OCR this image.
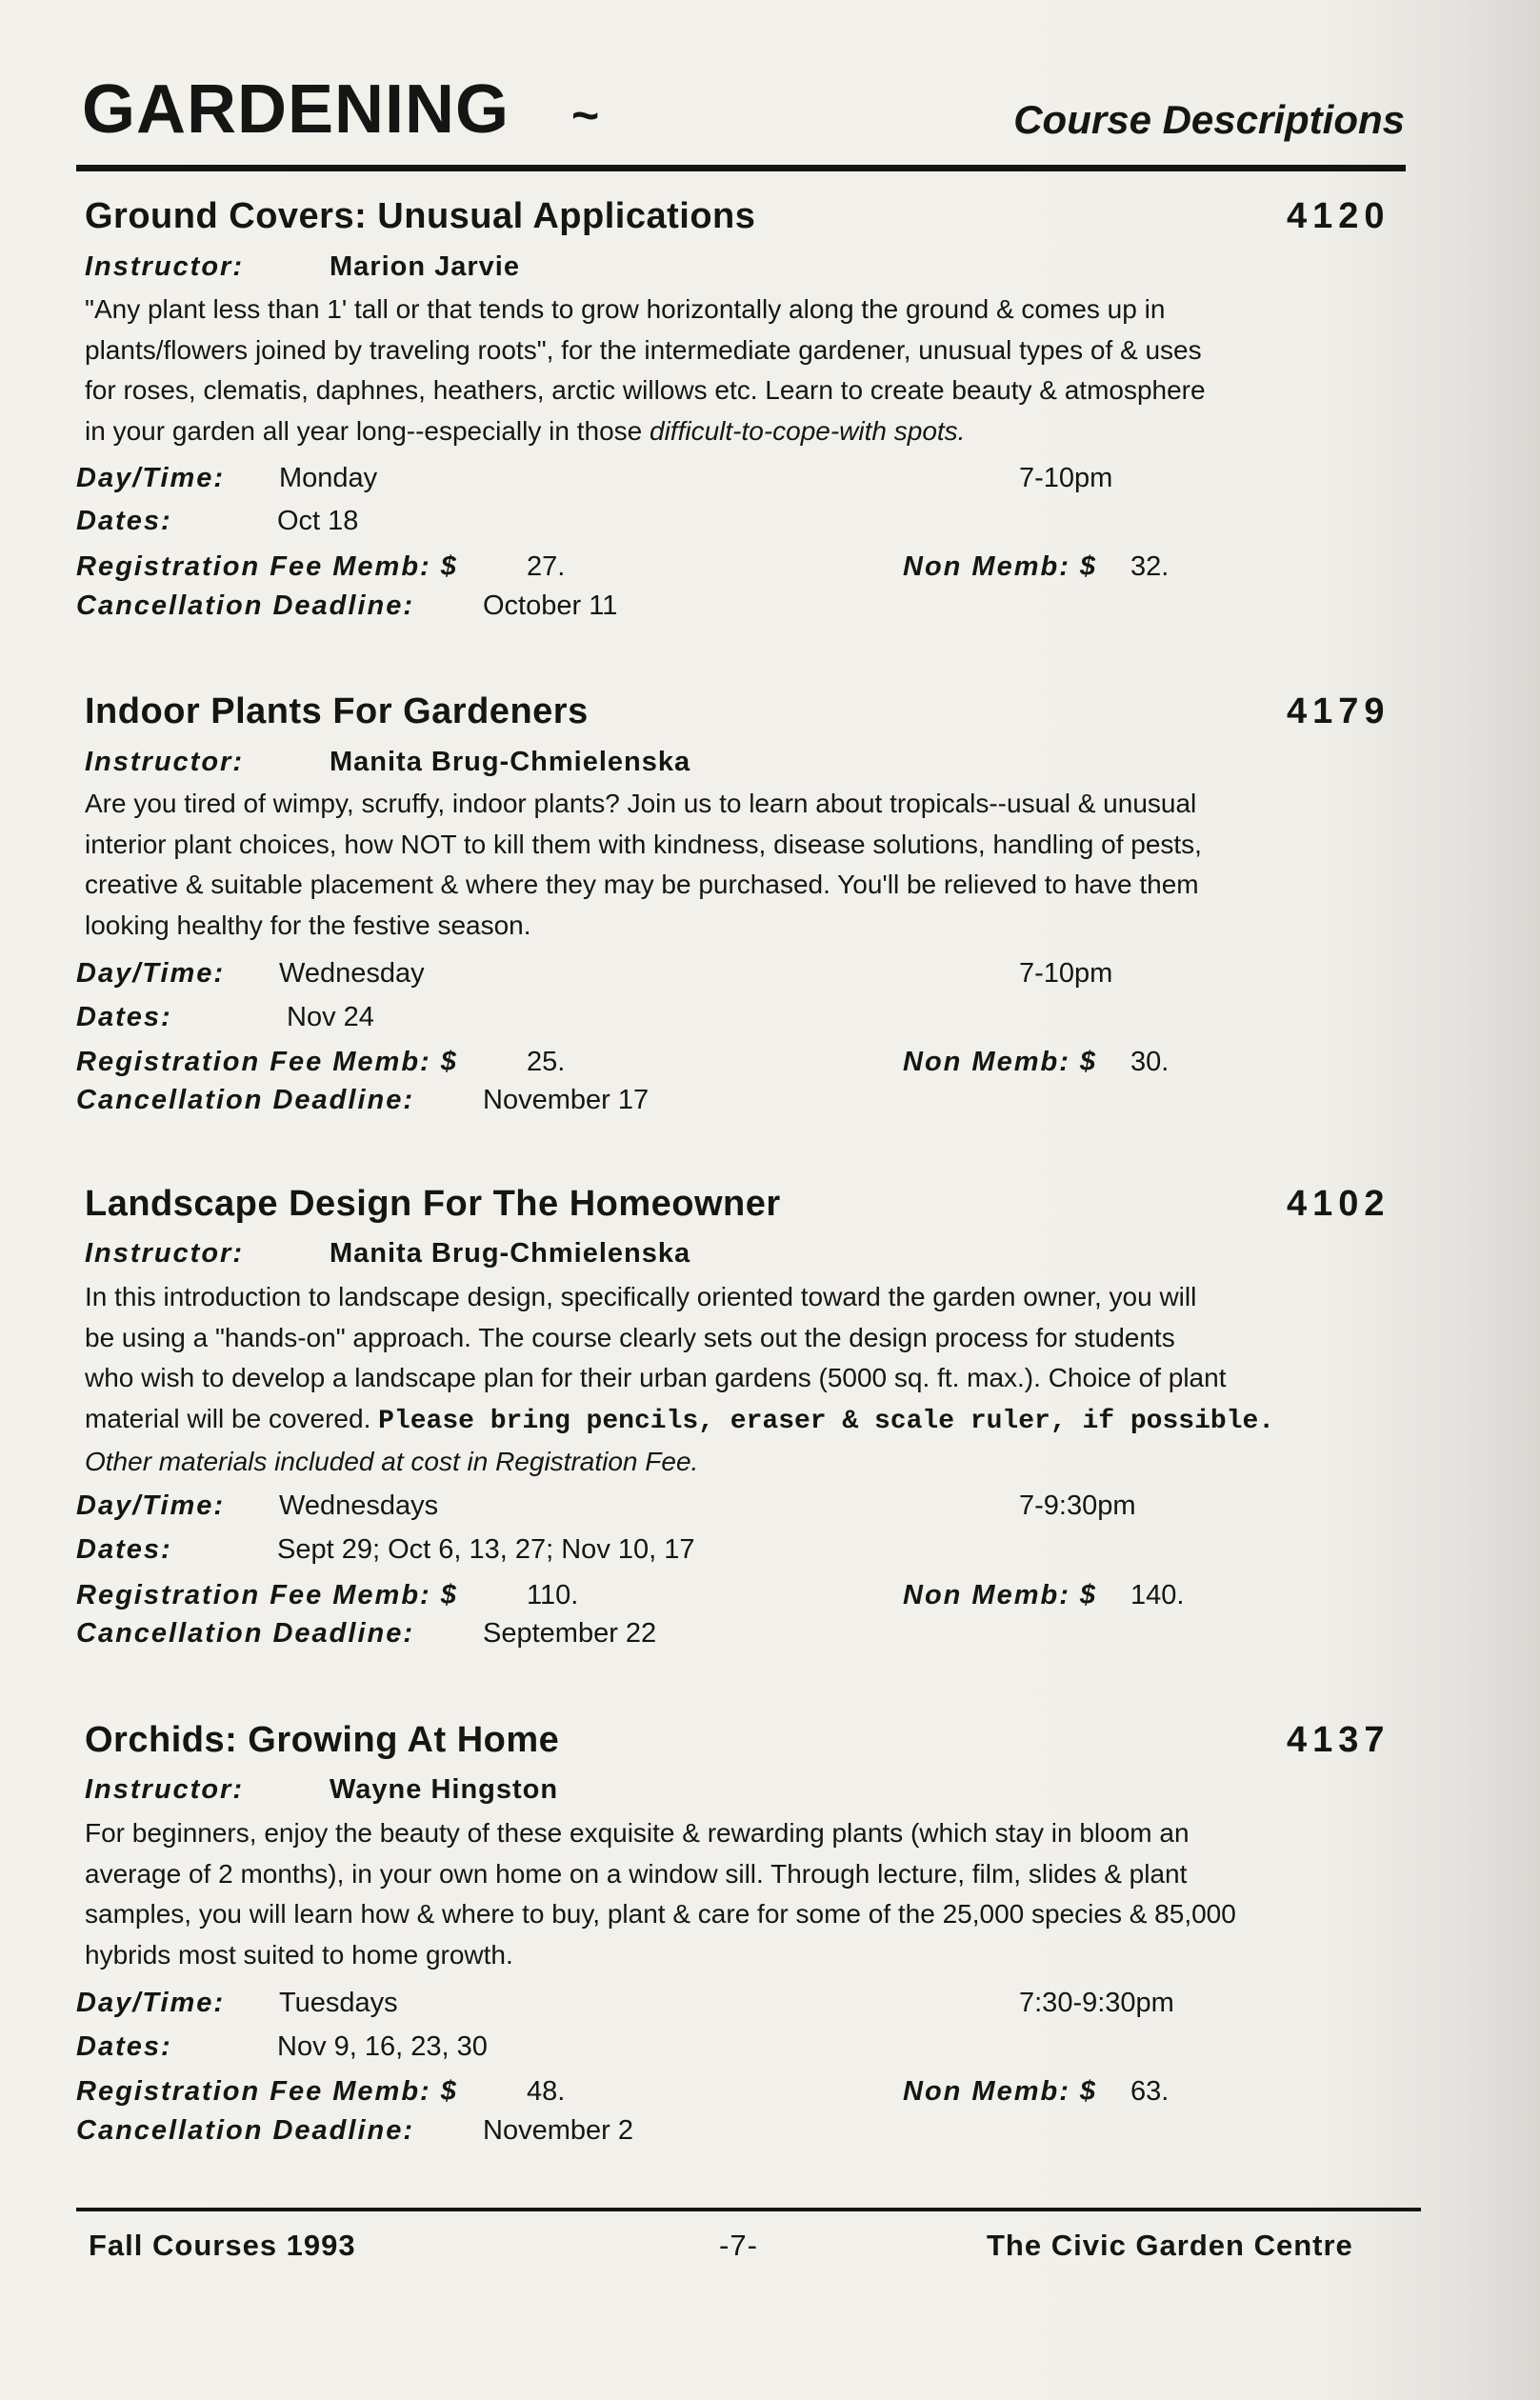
GARDENING ~	Course Descriptions
Ground Covers: Unusual Applications	4120
Instructor:	Marion Jarvie
"Any plant less than 1' tall or that tends to grow horizontally along the ground & comes up in
plants/flowers joined by traveling roots", for the intermediate gardener, unusual types of & uses
for roses, clematis, daphnes, heathers, arctic willows etc. Learn to create beauty & atmosphere
in your garden all year long--especially in those difficult-to-cope-with spots.
Day/Time: Monday	7-10pm
Dates:	Oct 18
Registration Fee Memb: $ 27.	Non Memb: $ 32.
Cancellation Deadline: October 11
Indoor Plants For Gardeners	4179
Instructor:	Manita Brug-Chmielenska
Are you tired of wimpy, scruffy, indoor plants? Join us to learn about tropicals--usual & unusual
interior plant choices, how NOT to kill them with kindness, disease solutions, handling of pests,
creative & suitable placement & where they may be purchased. You'll be relieved to have them
looking healthy for the festive season.
Day/Time: Wednesday	7-10pm
Dates:	Nov 24
Registration Fee Memb: $ 25.	Non Memb: $ 30.
Cancellation Deadline: November 17
Landscape Design For The Homeowner	4102
Instructor:	Manita Brug-Chmielenska
In this introduction to landscape design, specifically oriented toward the garden owner, you will
be using a "hands-on" approach. The course clearly sets out the design process for students
who wish to develop a landscape plan for their urban gardens (5000 sq. ft. max.). Choice of plant
material will be covered. Please bring pencils, eraser & scale ruler, if possible.
Other materials included at cost in Registration Fee.
Day/Time: Wednesdays	7-9:30pm
Dates:	Sept 29; Oct 6, 13, 27; Nov 10, 17
Registration Fee Memb: $ 110.	Non Memb: $ 140.
Cancellation Deadline: September 22
Orchids: Growing At Home	4137
Instructor:	Wayne Hingston
For beginners, enjoy the beauty of these exquisite & rewarding plants (which stay in bloom an
average of 2 months), in your own home on a window sill. Through lecture, film, slides & plant
samples, you will learn how & where to buy, plant & care for some of the 25,000 species & 85,000
hybrids most suited to home growth.
Day/Time: Tuesdays	7:30-9:30pm
Dates:	Nov 9, 16, 23, 30
Registration Fee Memb: $ 48.	Non Memb: $ 63.
Cancellation Deadline: November 2
Fall Courses 1993	-7-	The Civic Garden Centre
